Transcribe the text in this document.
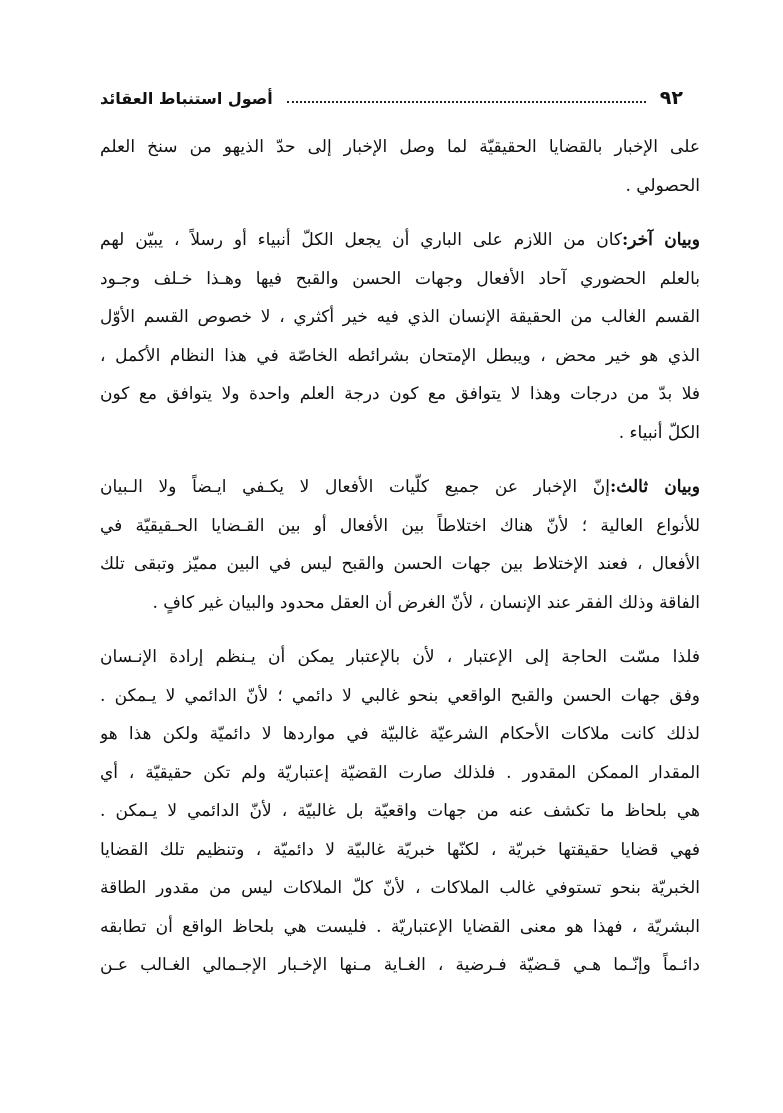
٩٢
أصول استنباط العقائد

على الإخبار بالقضايا الحقيقيّة لما وصل الإخبار إلى حدّ الذيهو من سنخ العلم
الحصولي .

وبيان آخر:كان من اللازم على الباري أن يجعل الكلّ أنبياء أو رسلاً ، يبيّن لهم
بالعلم الحضوري آحاد الأفعال وجهات الحسن والقبح فيها وهـذا خـلف وجـود
القسم الغالب من الحقيقة الإنسان الذي فيه خير أكثري ، لا خصوص القسم الأوّل
الذي هو خير محض ، ويبطل الإمتحان بشرائطه الخاصّة في هذا النظام الأكمل ،
فلا بدّ من درجات وهذا لا يتوافق مع كون درجة العلم واحدة ولا يتوافق مع كون
الكلّ أنبياء .

وبيان ثالث:إنّ الإخبار عن جميع كلّيات الأفعال لا يكـفي ايـضاً ولا الـبيان
للأنواع العالية ؛ لأنّ هناك اختلاطاً بين الأفعال أو بين القـضايا الحـقيقيّة في
الأفعال ، فعند الإختلاط بين جهات الحسن والقبح ليس في البين مميّز وتبقى تلك
الفاقة وذلك الفقر عند الإنسان ، لأنّ الغرض أن العقل محدود والبيان غير كافٍ .

فلذا مسّت الحاجة إلى الإعتبار ، لأن بالإعتبار يمكن أن يـنظم إرادة الإنـسان
وفق جهات الحسن والقبح الواقعي بنحو غالبي لا دائمي ؛ لأنّ الدائمي لا يـمكن .
لذلك كانت ملاكات الأحكام الشرعيّة غالبيّة في مواردها لا دائميّة ولكن هذا هو
المقدار الممكن المقدور . فلذلك صارت القضيّة إعتباريّة ولم تكن حقيقيّة ، أي
هي بلحاظ ما تكشف عنه من جهات واقعيّة بل غالبيّة ، لأنّ الدائمي لا يـمكن .
فهي قضايا حقيقتها خبريّة ، لكنّها خبريّة غالبيّة لا دائميّة ، وتنظيم تلك القضايا
الخبريّة بنحو تستوفي غالب الملاكات ، لأنّ كلّ الملاكات ليس من مقدور الطاقة
البشريّة ، فهذا هو معنى القضايا الإعتباريّة . فليست هي بلحاظ الواقع أن تطابقه
دائـماً وإنّـما هـي قـضيّة فـرضية ، الغـاية مـنها الإخـبار الإجـمالي الغـالب عـن
